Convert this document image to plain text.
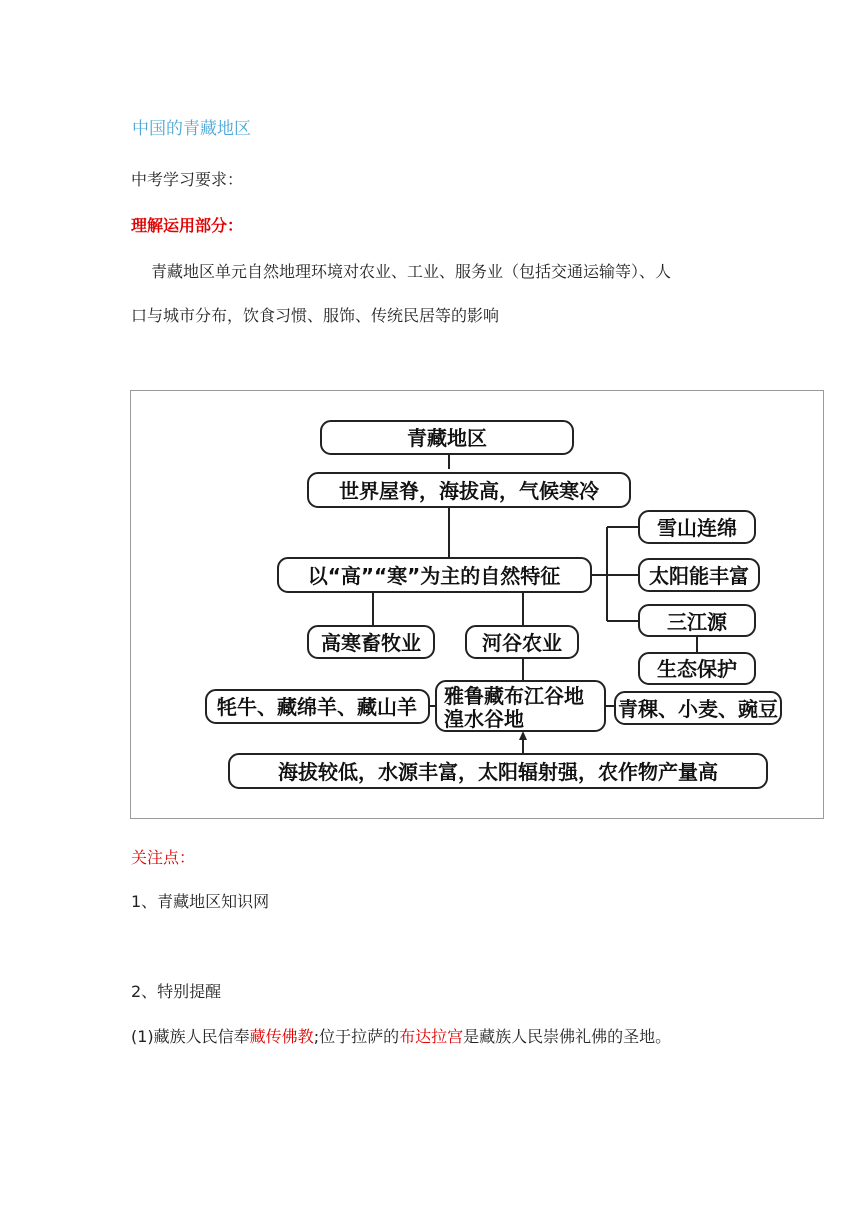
中国的青藏地区
中考学习要求：
理解运用部分：
青藏地区单元自然地理环境对农业、工业、服务业（包括交通运输等）、人
口与城市分布，饮食习惯、服饰、传统民居等的影响
青藏地区
世界屋脊，海拔高，气候寒冷
以“高”“寒”为主的自然特征
雪山连绵
太阳能丰富
三江源
生态保护
高寒畜牧业	河谷农业
牦牛、藏绵羊、藏山羊 雅鲁藏布江谷地
湟水谷地	青稞、小麦、豌豆
海拔较低，水源丰富，太阳辐射强，农作物产量高
关注点：
1、青藏地区知识网
2、特别提醒
(1)藏族人民信奉藏传佛教;位于拉萨的布达拉宫是藏族人民崇佛礼佛的圣地。
